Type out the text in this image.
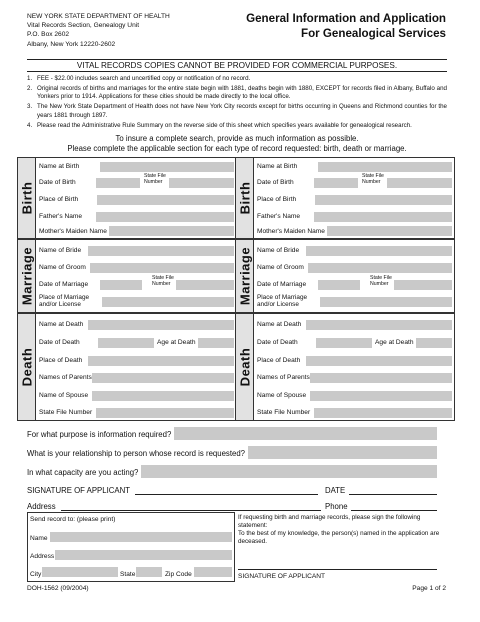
NEW YORK STATE DEPARTMENT OF HEALTH
Vital Records Section, Genealogy Unit
P.O. Box 2602
Albany, New York 12220-2602
General Information and Application
For Genealogical Services
VITAL RECORDS COPIES CANNOT BE PROVIDED FOR COMMERCIAL PURPOSES.
1. FEE - $22.00 includes search and uncertified copy or notification of no record.
2. Original records of births and marriages for the entire state begin with 1881, deaths begin with 1880, EXCEPT for records filed in Albany, Buffalo and Yonkers prior to 1914. Applications for these cities should be made directly to the local office.
3. The New York State Department of Health does not have New York City records except for births occurring in Queens and Richmond counties for the years 1881 through 1897.
4. Please read the Administrative Rule Summary on the reverse side of this sheet which specifies years available for genealogical research.
To insure a complete search, provide as much information as possible.
Please complete the applicable section for each type of record requested: birth, death or marriage.
Birth
Name at Birth
Date of Birth
State File
Number
Place of Birth
Father's Name
Mother's Maiden Name
Marriage Name of Bride
Name of Groom
Date of Marriage
State File
Number
Place of Marriage
and/or License
Death
Name at Death
Date of Death	Age at Death
Place of Death
Names of Parents
Name of Spouse
State File Number
Birth
Name at Birth
Date of Birth
State File
Number
Place of Birth
Father's Name
Mother's Maiden Name
Marriage Name of Bride
Name of Groom
Date of Marriage
State File
Number
Place of Marriage
and/or License
Death
Name at Death
Date of Death	Age at Death
Place of Death
Names of Parents
Name of Spouse
State File Number
For what purpose is information required?
What is your relationship to person whose record is requested?
In what capacity are you acting?
SIGNATURE OF APPLICANT	DATE
Address	Phone
Send record to: (please print)
Name
Address
City	State	Zip Code
If requesting birth and marriage records, please sign the following statement:
To the best of my knowledge, the person(s) named in the application are deceased.
SIGNATURE OF APPLICANT
DOH-1562 (09/2004)	Page 1 of 2
